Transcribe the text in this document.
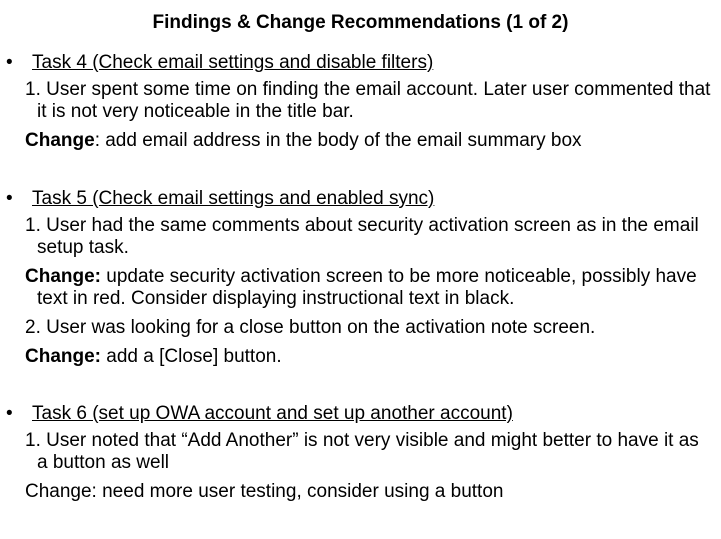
Findings & Change Recommendations (1 of 2)
• Task 4 (Check email settings and disable filters)
1. User spent some time on finding the email account. Later user commented that it is not very noticeable in the title bar.
Change: add email address in the body of the email summary box
• Task 5 (Check email settings and enabled sync)
1. User had the same comments about security activation screen as in the email setup task.
Change: update security activation screen to be more noticeable, possibly have text in red. Consider displaying instructional text in black.
2. User was looking for a close button on the activation note screen.
Change: add a [Close] button.
• Task 6 (set up OWA account and set up another account)
1. User noted that “Add Another” is not very visible and might better to have it as a button as well
Change: need more user testing, consider using a button
